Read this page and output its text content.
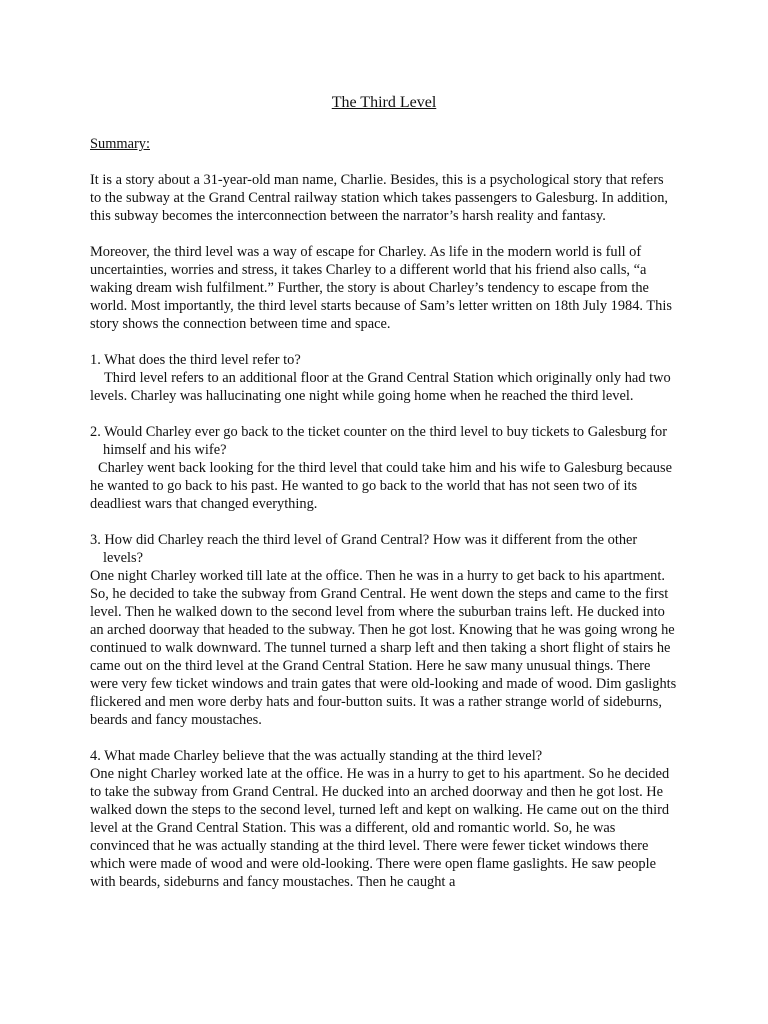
The Third Level
Summary:
It is a story about a 31-year-old man name, Charlie. Besides, this is a psychological story that refers to the subway at the Grand Central railway station which takes passengers to Galesburg. In addition, this subway becomes the interconnection between the narrator’s harsh reality and fantasy.
Moreover, the third level was a way of escape for Charley. As life in the modern world is full of uncertainties, worries and stress, it takes Charley to a different world that his friend also calls, “a waking dream wish fulfilment.” Further, the story is about Charley’s tendency to escape from the world. Most importantly, the third level starts because of Sam’s letter written on 18th July 1984. This story shows the connection between time and space.
1. What does the third level refer to?
Third level refers to an additional floor at the Grand Central Station which originally only had two levels. Charley was hallucinating one night while going home when he reached the third level.
2. Would Charley ever go back to the ticket counter on the third level to buy tickets to Galesburg for himself and his wife?
Charley went back looking for the third level that could take him and his wife to Galesburg because he wanted to go back to his past. He wanted to go back to the world that has not seen two of its deadliest wars that changed everything.
3. How did Charley reach the third level of Grand Central? How was it different from the other levels?
One night Charley worked till late at the office. Then he was in a hurry to get back to his apartment. So, he decided to take the subway from Grand Central. He went down the steps and came to the first level. Then he walked down to the second level from where the suburban trains left. He ducked into an arched doorway that headed to the subway. Then he got lost. Knowing that he was going wrong he continued to walk downward. The tunnel turned a sharp left and then taking a short flight of stairs he came out on the third level at the Grand Central Station. Here he saw many unusual things. There were very few ticket windows and train gates that were old-looking and made of wood. Dim gaslights flickered and men wore derby hats and four-button suits. It was a rather strange world of sideburns, beards and fancy moustaches.
4. What made Charley believe that the was actually standing at the third level?
One night Charley worked late at the office. He was in a hurry to get to his apartment. So he decided to take the subway from Grand Central. He ducked into an arched doorway and then he got lost. He walked down the steps to the second level, turned left and kept on walking. He came out on the third level at the Grand Central Station. This was a different, old and romantic world. So, he was convinced that he was actually standing at the third level. There were fewer ticket windows there which were made of wood and were old-looking. There were open flame gaslights. He saw people with beards, sideburns and fancy moustaches. Then he caught a
